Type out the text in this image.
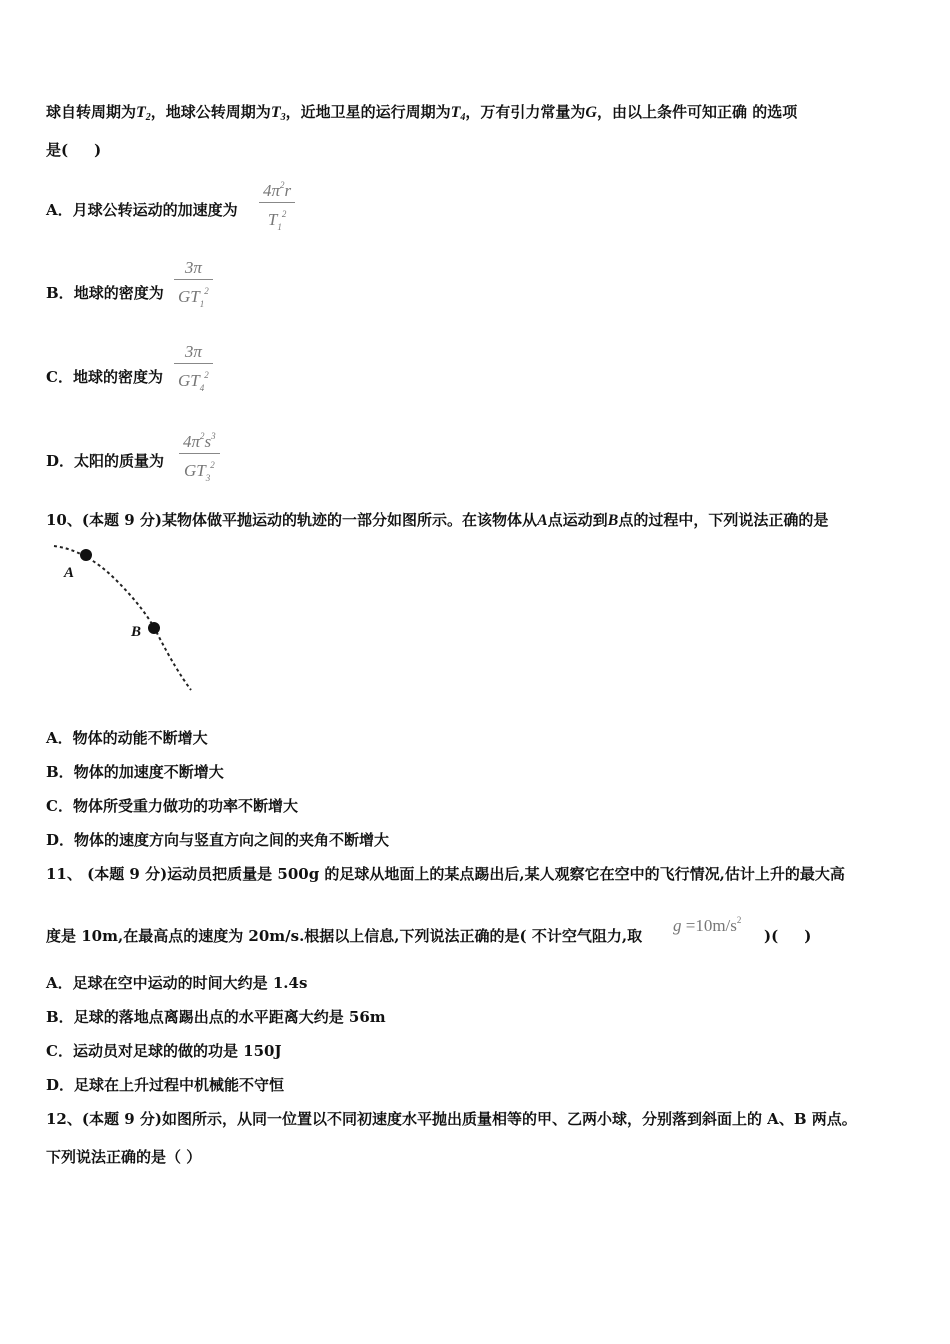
球自转周期为$T_2$，地球公转周期为$T_3$，近地卫星的运行周期为$T_4$，万有引力常量为G，由以上条件可知正确 的选项
是( )
A．月球公转运动的加速度为
$4\pi^2r$
$T_1^2$
B．地球的密度为
3π
$GT_1^2$
C．地球的密度为
3π
$GT_4^2$
D．太阳的质量为
$4\pi^2s^3$
$GT_3^2$
10、(本题 9 分)某物体做平抛运动的轨迹的一部分如图所示。在该物体从A点运动到B点的过程中，下列说法正确的是
A
B
A．物体的动能不断增大
B．物体的加速度不断增大
C．物体所受重力做功的功率不断增大
D．物体的速度方向与竖直方向之间的夹角不断增大
11、 (本题 9 分)运动员把质量是 500g 的足球从地面上的某点踢出后,某人观察它在空中的飞行情况,估计上升的最大高
度是 10m,在最高点的速度为 20m/s.根据以上信息,下列说法正确的是( 不计空气阻力,取
$g =10m/s^2$
)( )
A．足球在空中运动的时间大约是 1.4s
B．足球的落地点离踢出点的水平距离大约是 56m
C．运动员对足球的做的功是 150J
D．足球在上升过程中机械能不守恒
12、(本题 9 分)如图所示，从同一位置以不同初速度水平抛出质量相等的甲、乙两小球，分别落到斜面上的 A、B 两点。
下列说法正确的是（ ）
